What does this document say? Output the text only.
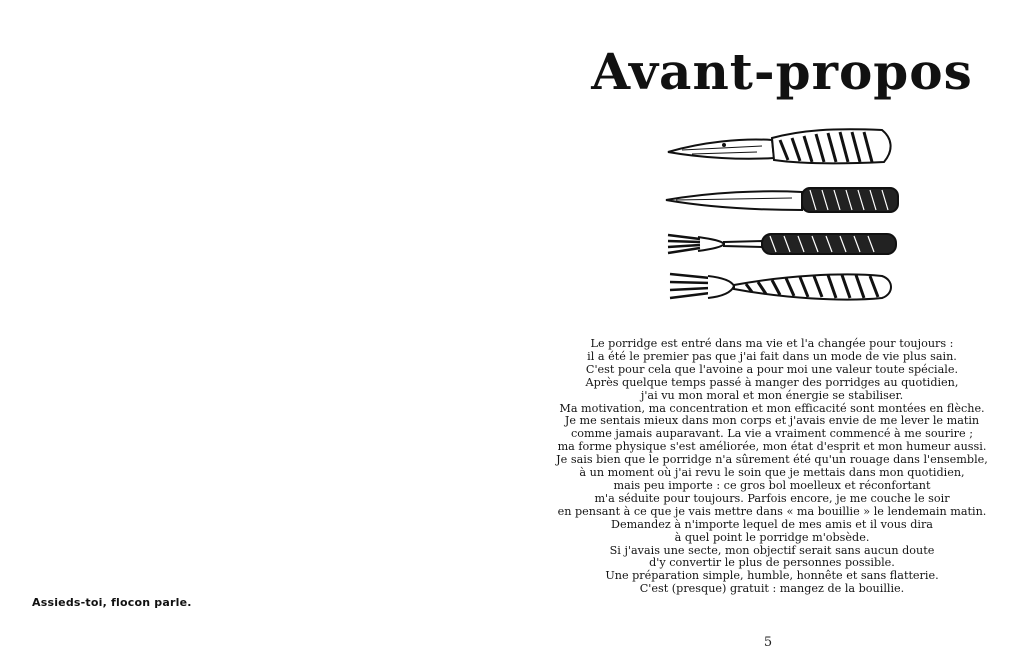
Assieds-toi, flocon parle.
Avant-propos
Le porridge est entré dans ma vie et l'a changée pour toujours :
il a été le premier pas que j'ai fait dans un mode de vie plus sain.
C'est pour cela que l'avoine a pour moi une valeur toute spéciale.
Après quelque temps passé à manger des porridges au quotidien,
j'ai vu mon moral et mon énergie se stabiliser.
Ma motivation, ma concentration et mon efficacité sont montées en flèche.
Je me sentais mieux dans mon corps et j'avais envie de me lever le matin
comme jamais auparavant. La vie a vraiment commencé à me sourire ;
ma forme physique s'est améliorée, mon état d'esprit et mon humeur aussi.
Je sais bien que le porridge n'a sûrement été qu'un rouage dans l'ensemble,
à un moment où j'ai revu le soin que je mettais dans mon quotidien,
mais peu importe : ce gros bol moelleux et réconfortant
m'a séduite pour toujours. Parfois encore, je me couche le soir
en pensant à ce que je vais mettre dans « ma bouillie » le lendemain matin.
Demandez à n'importe lequel de mes amis et il vous dira
à quel point le porridge m'obsède.
Si j'avais une secte, mon objectif serait sans aucun doute
d'y convertir le plus de personnes possible.
Une préparation simple, humble, honnête et sans flatterie.
C'est (presque) gratuit : mangez de la bouillie.
5
